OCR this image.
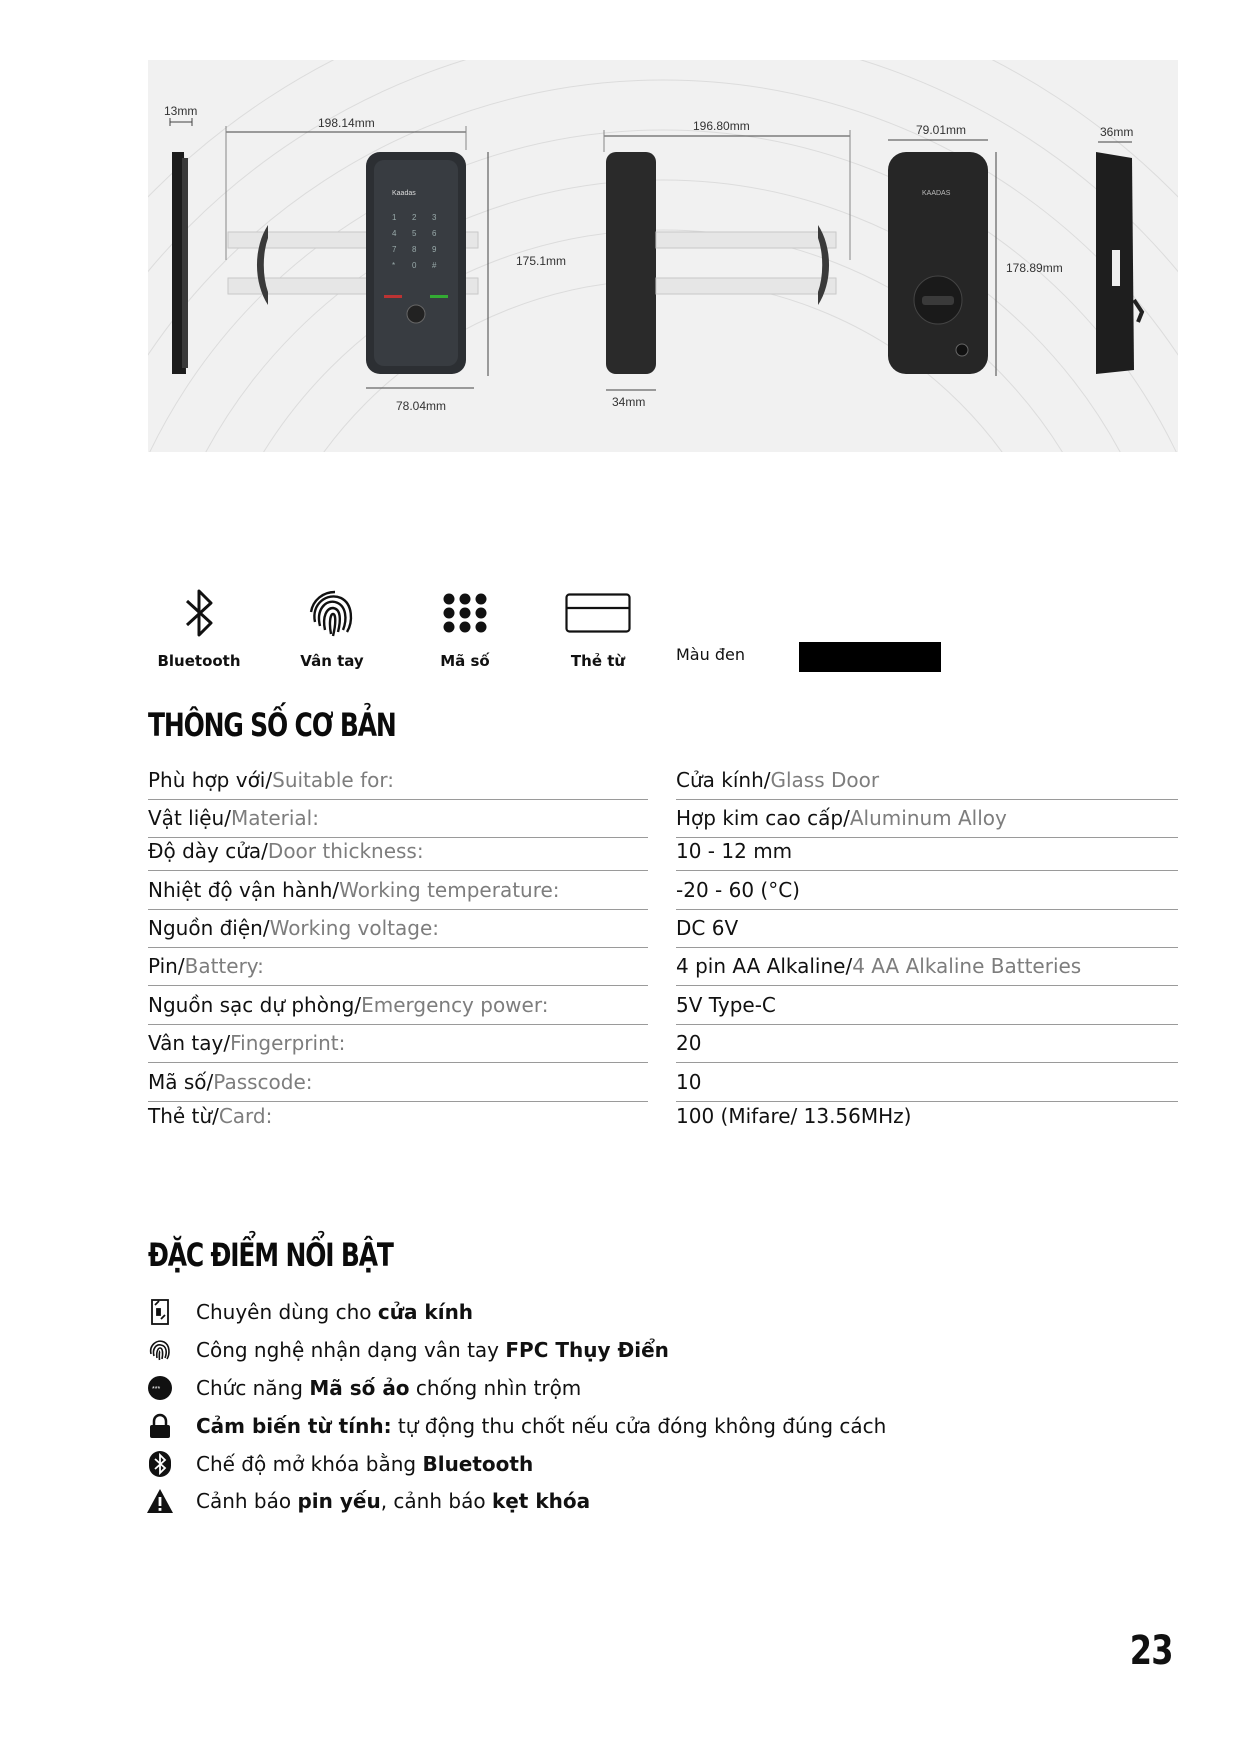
13mm
Kaadas
1 2 3
4 5 6
7 8 9
* 0 #
198.14mm
175.1mm
78.04mm
196.80mm
34mm
KAADAS
79.01mm
178.89mm
36mm
Bluetooth	Vân tay	Mã số	Thẻ từ	Màu đen
THÔNG SỐ CƠ BẢN
Phù hợp với / Suitable for:	Cửa kính / Glass Door
Vật liệu / Material:	Hợp kim cao cấp / Aluminum Alloy
Độ dày cửa / Door thickness:	10 - 12 mm
Nhiệt độ vận hành / Working temperature:	-20 - 60 (°C)
Nguồn điện / Working voltage:	DC 6V
Pin / Battery:	4 pin AA Alkaline / 4 AA Alkaline Batteries
Nguồn sạc dự phòng / Emergency power:	5V Type-C
Vân tay / Fingerprint:	20
Mã số / Passcode:	10
Thẻ từ / Card:	100 (Mifare/ 13.56MHz)
ĐẶC ĐIỂM NỔI BẬT
Chuyên dùng cho cửa kính
Công nghệ nhận dạng vân tay FPC Thụy Điển
*** Chức năng Mã số ảo chống nhìn trộm
Cảm biến từ tính: tự động thu chốt nếu cửa đóng không đúng cách
Chế độ mở khóa bằng Bluetooth
Cảnh báo pin yếu, cảnh báo kẹt khóa
23
